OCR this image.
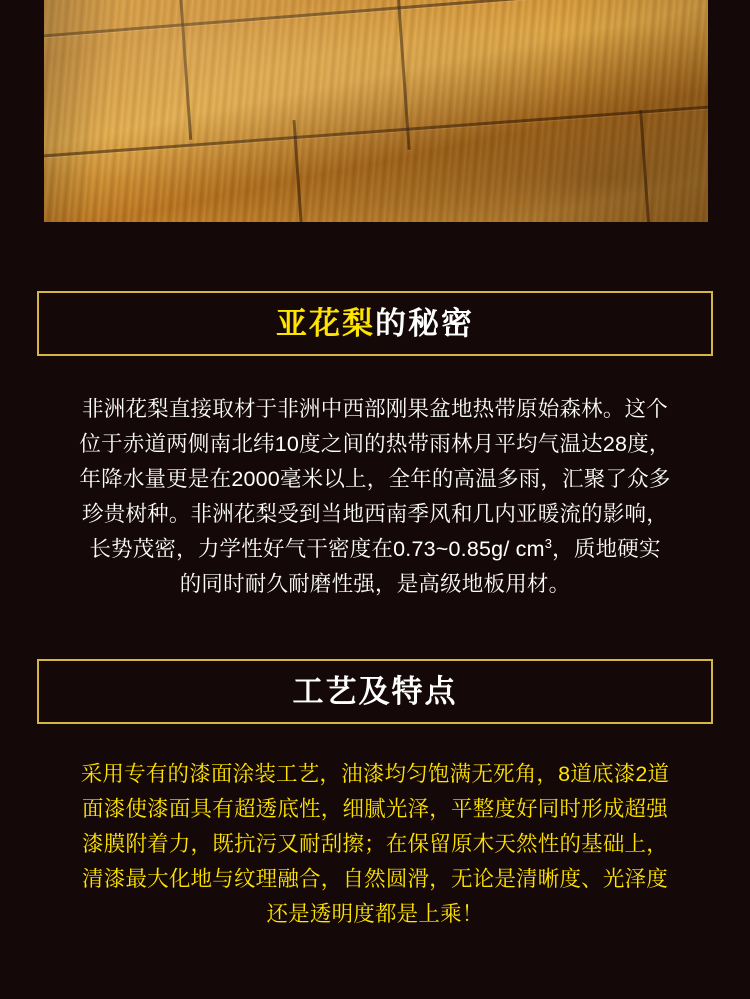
亚花梨的秘密
非洲花梨直接取材于非洲中西部刚果盆地热带原始森林。这个
位于赤道两侧南北纬10度之间的热带雨林月平均气温达28度，
年降水量更是在2000毫米以上，全年的高温多雨，汇聚了众多
珍贵树种。非洲花梨受到当地西南季风和几内亚暖流的影响，
长势茂密，力学性好气干密度在0.73~0.85g/ $cm^3$，质地硬实
的同时耐久耐磨性强，是高级地板用材。
工艺及特点
采用专有的漆面涂装工艺，油漆均匀饱满无死角，8道底漆2道
面漆使漆面具有超透底性，细腻光泽，平整度好同时形成超强
漆膜附着力，既抗污又耐刮擦；在保留原木天然性的基础上，
清漆最大化地与纹理融合，自然圆滑，无论是清晰度、光泽度
还是透明度都是上乘！
